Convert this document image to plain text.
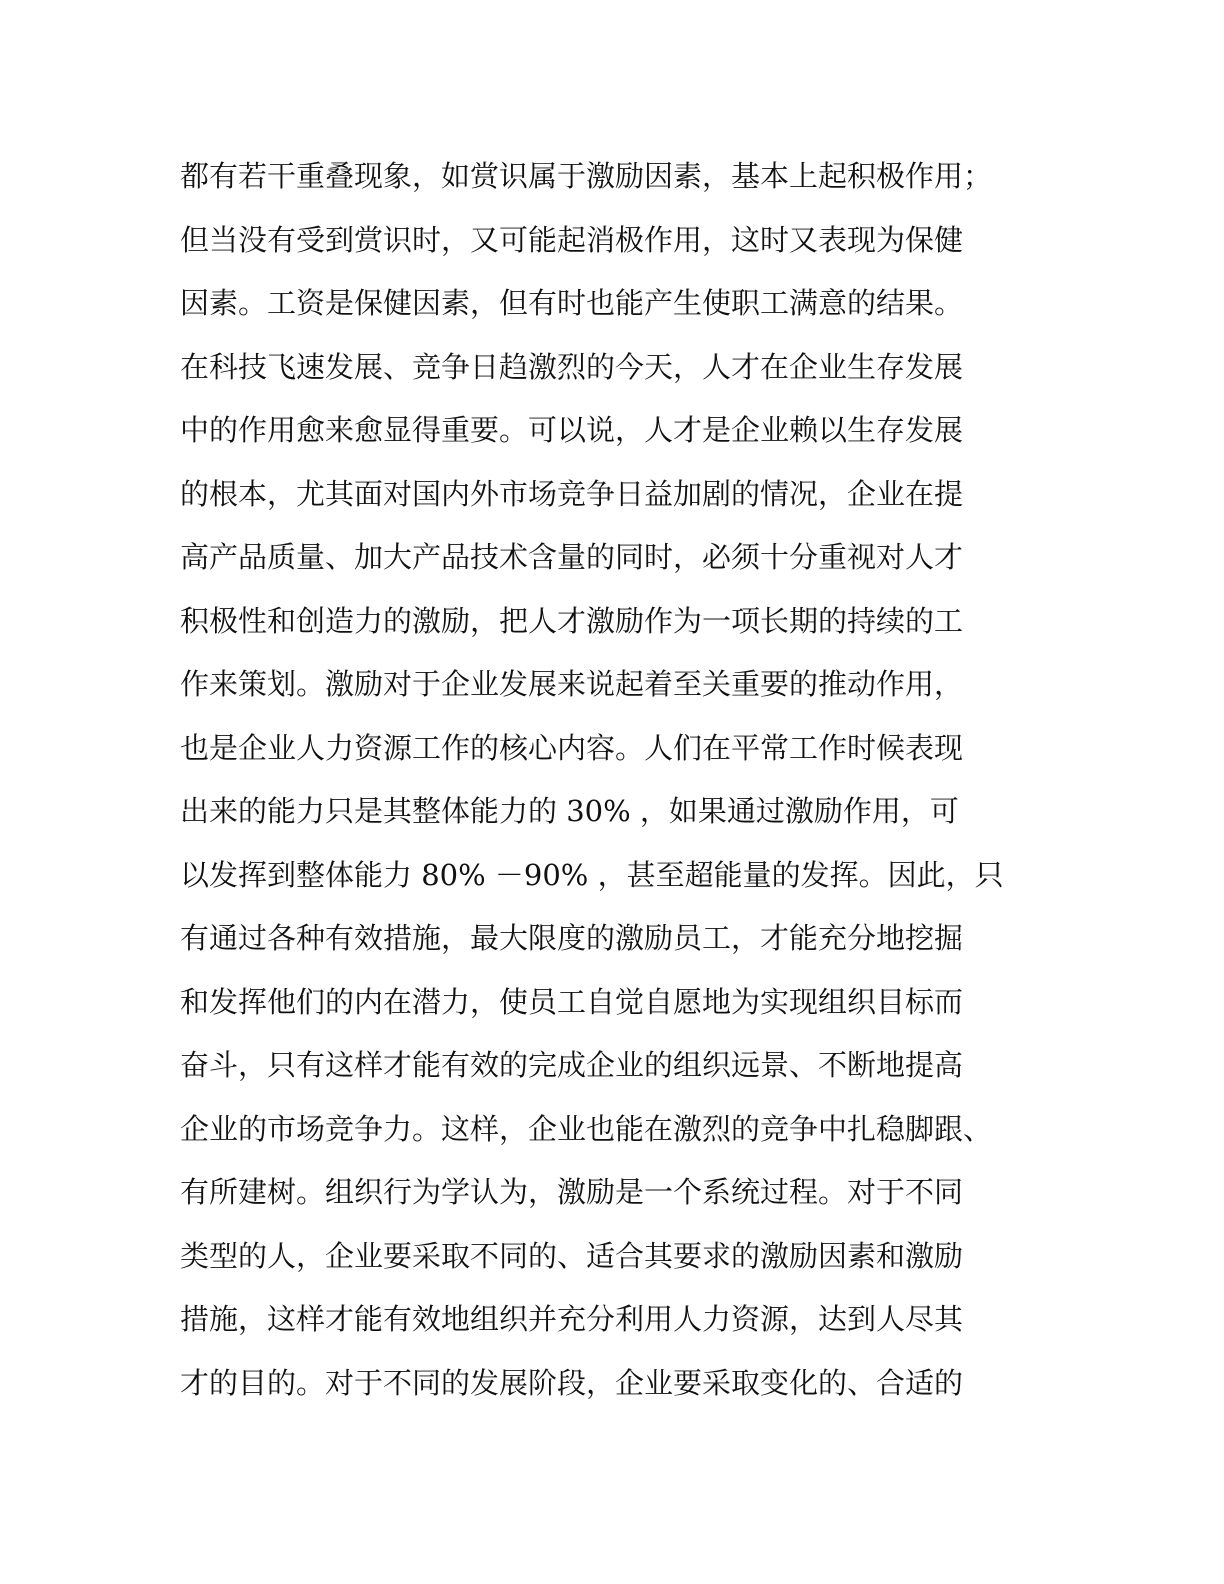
都有若干重叠现象，如赏识属于激励因素，基本上起积极作用；
但当没有受到赏识时，又可能起消极作用，这时又表现为保健
因素。工资是保健因素，但有时也能产生使职工满意的结果。
在科技飞速发展、竞争日趋激烈的今天，人才在企业生存发展
中的作用愈来愈显得重要。可以说，人才是企业赖以生存发展
的根本，尤其面对国内外市场竞争日益加剧的情况，企业在提
高产品质量、加大产品技术含量的同时，必须十分重视对人才
积极性和创造力的激励，把人才激励作为一项长期的持续的工
作来策划。激励对于企业发展来说起着至关重要的推动作用，
也是企业人力资源工作的核心内容。人们在平常工作时候表现
出来的能力只是其整体能力的 30% ，如果通过激励作用，可
以发挥到整体能力 80% －90% ，甚至超能量的发挥。因此，只
有通过各种有效措施，最大限度的激励员工，才能充分地挖掘
和发挥他们的内在潜力，使员工自觉自愿地为实现组织目标而
奋斗，只有这样才能有效的完成企业的组织远景、不断地提高
企业的市场竞争力。这样，企业也能在激烈的竞争中扎稳脚跟、
有所建树。组织行为学认为，激励是一个系统过程。对于不同
类型的人，企业要采取不同的、适合其要求的激励因素和激励
措施，这样才能有效地组织并充分利用人力资源，达到人尽其
才的目的。对于不同的发展阶段，企业要采取变化的、合适的
